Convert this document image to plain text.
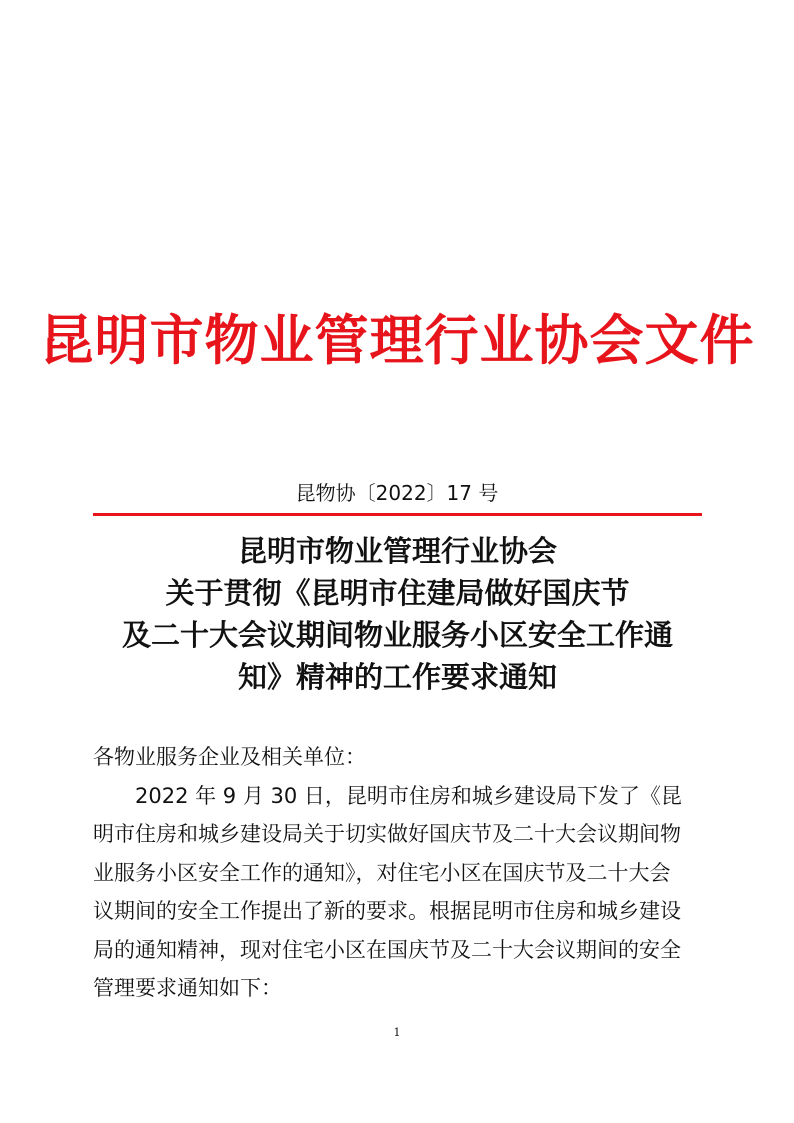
昆明市物业管理行业协会文件
昆物协〔2022〕17 号
昆明市物业管理行业协会
关于贯彻《昆明市住建局做好国庆节
及二十大会议期间物业服务小区安全工作通
知》精神的工作要求通知
各物业服务企业及相关单位：
2022 年 9 月 30 日，昆明市住房和城乡建设局下发了《昆
明市住房和城乡建设局关于切实做好国庆节及二十大会议期间物
业服务小区安全工作的通知》，对住宅小区在国庆节及二十大会
议期间的安全工作提出了新的要求。根据昆明市住房和城乡建设
局的通知精神，现对住宅小区在国庆节及二十大会议期间的安全
管理要求通知如下：
1
